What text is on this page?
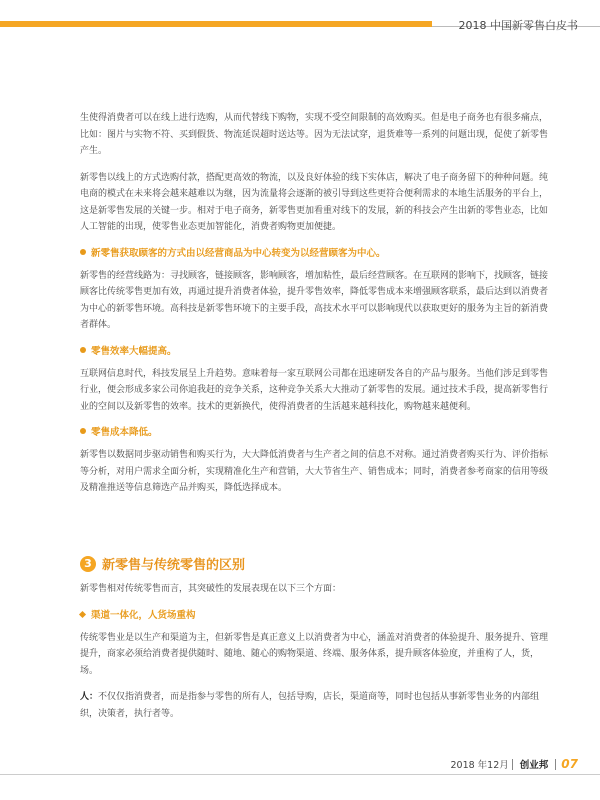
2018 中国新零售白皮书

生使得消费者可以在线上进行选购，从而代替线下购物，实现不受空间限制的高效购买。但是电子商务也有很多痛点，比如：图片与实物不符、买到假货、物流延误超时送达等。因为无法试穿，退货难等一系列的问题出现，促使了新零售产生。

新零售以线上的方式选购付款，搭配更高效的物流，以及良好体验的线下实体店，解决了电子商务留下的种种问题。纯电商的模式在未来将会越来越难以为继，因为流量将会逐渐的被引导到这些更符合便利需求的本地生活服务的平台上，这是新零售发展的关键一步。相对于电子商务，新零售更加看重对线下的发展，新的科技会产生出新的零售业态，比如人工智能的出现，使零售业态更加智能化，消费者购物更加便捷。

新零售获取顾客的方式由以经营商品为中心转变为以经营顾客为中心。

新零售的经营线路为：寻找顾客，链接顾客，影响顾客，增加粘性，最后经营顾客。在互联网的影响下，找顾客，链接顾客比传统零售更加有效，再通过提升消费者体验，提升零售效率，降低零售成本来增强顾客联系，最后达到以消费者为中心的新零售环境。高科技是新零售环境下的主要手段，高技术水平可以影响现代以获取更好的服务为主旨的新消费者群体。

零售效率大幅提高。

互联网信息时代，科技发展呈上升趋势。意味着每一家互联网公司都在迅速研发各自的产品与服务。当他们涉足到零售行业，便会形成多家公司你追我赶的竞争关系，这种竞争关系大大推动了新零售的发展。通过技术手段，提高新零售行业的空间以及新零售的效率。技术的更新换代，使得消费者的生活越来越科技化，购物越来越便利。

零售成本降低。

新零售以数据同步驱动销售和购买行为，大大降低消费者与生产者之间的信息不对称。通过消费者购买行为、评价指标等分析，对用户需求全面分析，实现精准化生产和营销，大大节省生产、销售成本；同时，消费者参考商家的信用等级及精准推送等信息筛选产品并购买，降低选择成本。

3 新零售与传统零售的区别

新零售相对传统零售而言，其突破性的发展表现在以下三个方面：

渠道一体化，人货场重构

传统零售业是以生产和渠道为主，但新零售是真正意义上以消费者为中心，涵盖对消费者的体验提升、服务提升、管理提升，商家必须给消费者提供随时、随地、随心的购物渠道、终端、服务体系，提升顾客体验度，并重构了人，货，场。

人：不仅仅指消费者，而是指参与零售的所有人，包括导购，店长，渠道商等，同时也包括从事新零售业务的内部组织，决策者，执行者等。

2018 年12月 创业邦 07
